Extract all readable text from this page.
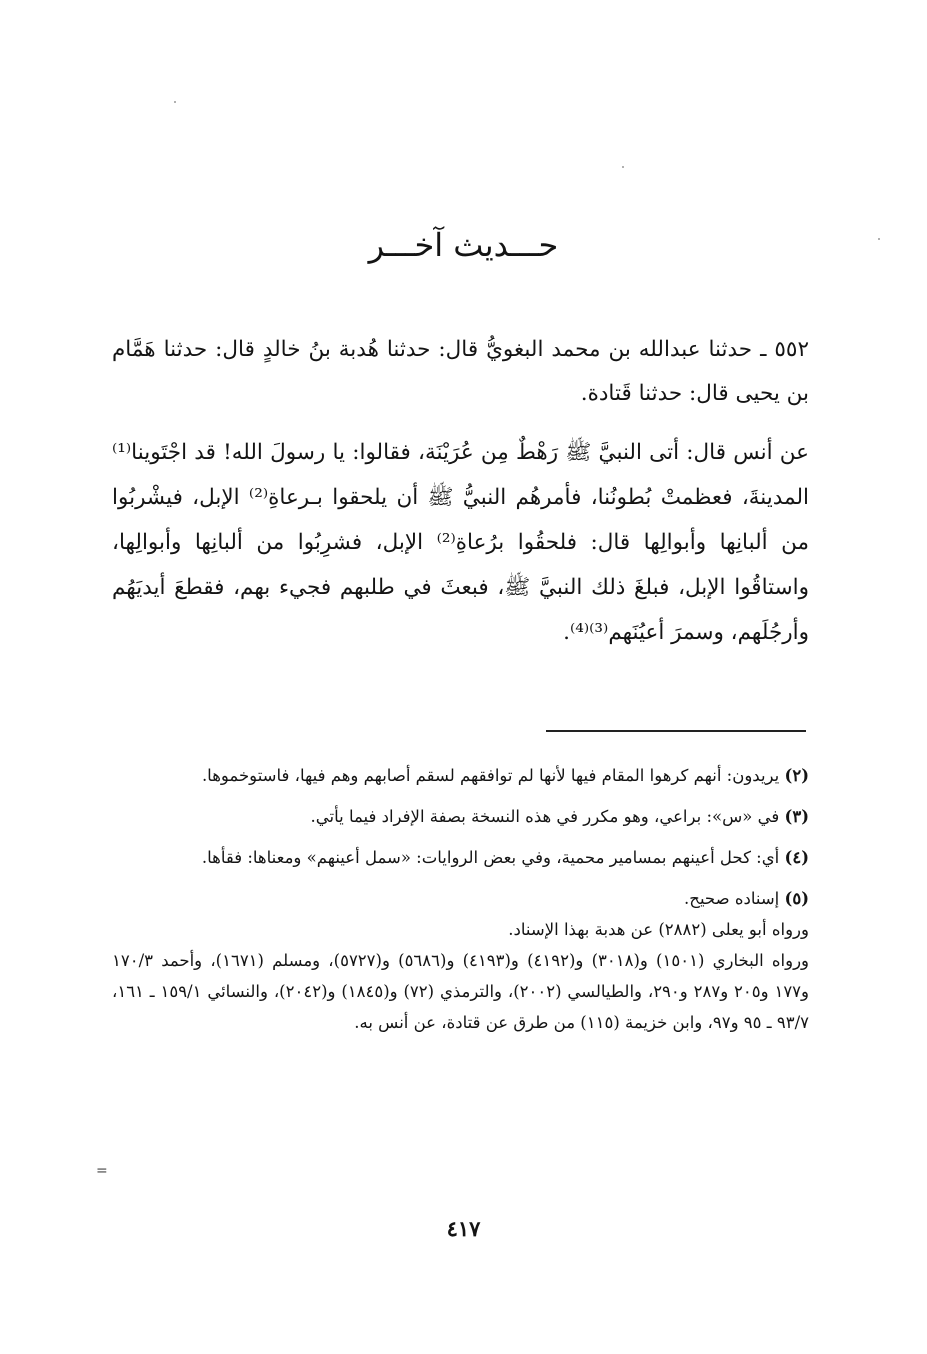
حـــديث آخـــر
٥٥٢ ـ حدثنا عبدالله بن محمد البغويُّ قال: حدثنا هُدبة بنُ خالدٍ قال: حدثنا هَمَّام بن يحيى قال: حدثنا قَتادة.
عن أنس قال: أتى النبيَّ ﷺ رَهْطٌ مِن عُرَيْنَة، فقالوا: يا رسولَ الله! قد اجْتَوينا⁽¹⁾ المدينةَ، فعظمتْ بُطونُنا، فأمرهُم النبيُّ ﷺ أن يلحقوا بـرعاةِ⁽²⁾ الإبل، فيشْربُوا من ألبانِها وأبوالِها قال: فلحقُوا برُعاةِ⁽²⁾ الإبل، فشرِبُوا من ألبانِها وأبوالِها، واستاقُوا الإبل، فبلغَ ذلك النبيَّ ﷺ، فبعثَ في طلبهم فجيء بهم، فقطعَ أيديَهُم وأرجُلَهم، وسمرَ أعيُنَهم⁽³⁾⁽⁴⁾.
(٢) يريدون: أنهم كرهوا المقام فيها لأنها لم توافقهم لسقم أصابهم وهم فيها، فاستوخموها.
(٣) في «س»: براعي، وهو مكرر في هذه النسخة بصفة الإفراد فيما يأتي.
(٤) أي: كحل أعينهم بمسامير محمية، وفي بعض الروايات: «سمل أعينهم» ومعناها: فقأها.

(٥) إسناده صحيح.

ورواه أبو يعلى (٢٨٨٢) عن هدبة بهذا الإسناد.

ورواه البخاري (١٥٠١) و(٣٠١٨) و(٤١٩٢) و(٤١٩٣) و(٥٦٨٦) و(٥٧٢٧)، ومسلم (١٦٧١)، وأحمد ١٧٠/٣ و١٧٧ و٢٠٥ و٢٨٧ و٢٩٠، والطيالسي (٢٠٠٢)، والترمذي (٧٢) و(١٨٤٥) و(٢٠٤٢)، والنسائي ١٥٩/١ ـ ١٦١، ٩٣/٧ ـ ٩٥ و٩٧، وابن خزيمة (١١٥) من طرق عن قتادة، عن أنس به.

=
٤١٧
